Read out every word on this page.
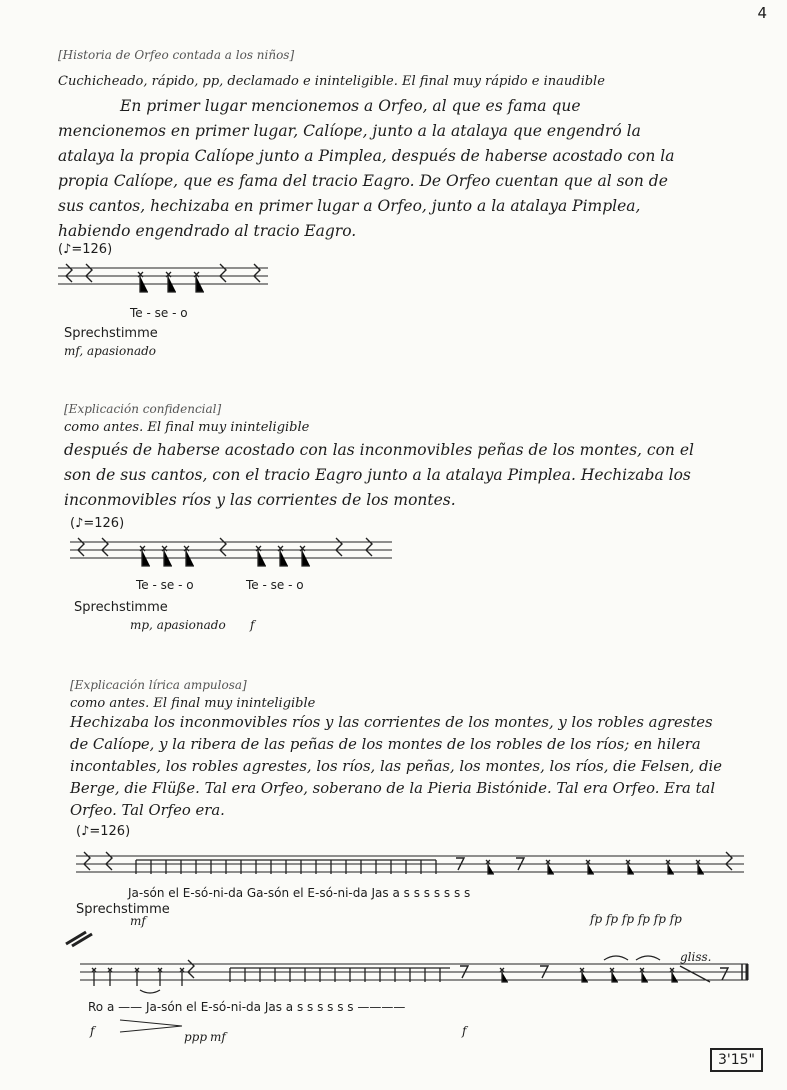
4
[Historia de Orfeo contada a los niños]
Cuchicheado, rápido, pp, declamado e ininteligible. El final muy rápido e inaudible
En primer lugar mencionemos a Orfeo, al que es fama que mencionemos en primer lugar, Calíope, junto a la atalaya que engendró la atalaya la propia Calíope junto a Pimplea, después de haberse acostado con la propia Calíope, que es fama del tracio Eagro. De Orfeo cuentan que al son de sus cantos, hechizaba en primer lugar a Orfeo, junto a la atalaya Pimplea, habiendo engendrado al tracio Eagro.
(♪=126)
Te - se - o
Sprechstimme
mf, apasionado
[Explicación confidencial]
como antes. El final muy ininteligible
después de haberse acostado con las inconmovibles peñas de los montes, con el son de sus cantos, con el tracio Eagro junto a la atalaya Pimplea. Hechizaba los inconmovibles ríos y las corrientes de los montes.
(♪=126)
Te - se - o	Te - se - o
Sprechstimme
mp, apasionado f
[Explicación lírica ampulosa]
como antes. El final muy ininteligible
Hechizaba los inconmovibles ríos y las corrientes de los montes, y los robles agrestes de Calíope, y la ribera de las peñas de los montes de los robles de los ríos; en hilera incontables, los robles agrestes, los ríos, las peñas, los montes, los ríos, die Felsen, die Berge, die Flüße. Tal era Orfeo, soberano de la Pieria Bistónide. Tal era Orfeo. Era tal Orfeo. Tal Orfeo era.
(♪=126)
Ja-són el E-só-ni-da Ga-són el E-só-ni-da Jas a s s s s s s s
Sprechstimme
mf	fp fp fp fp fp fp
gliss.
Ro a —— Ja-són el E-só-ni-da Jas a s s s s s s ————
f	ppp mf	f
3'15"
